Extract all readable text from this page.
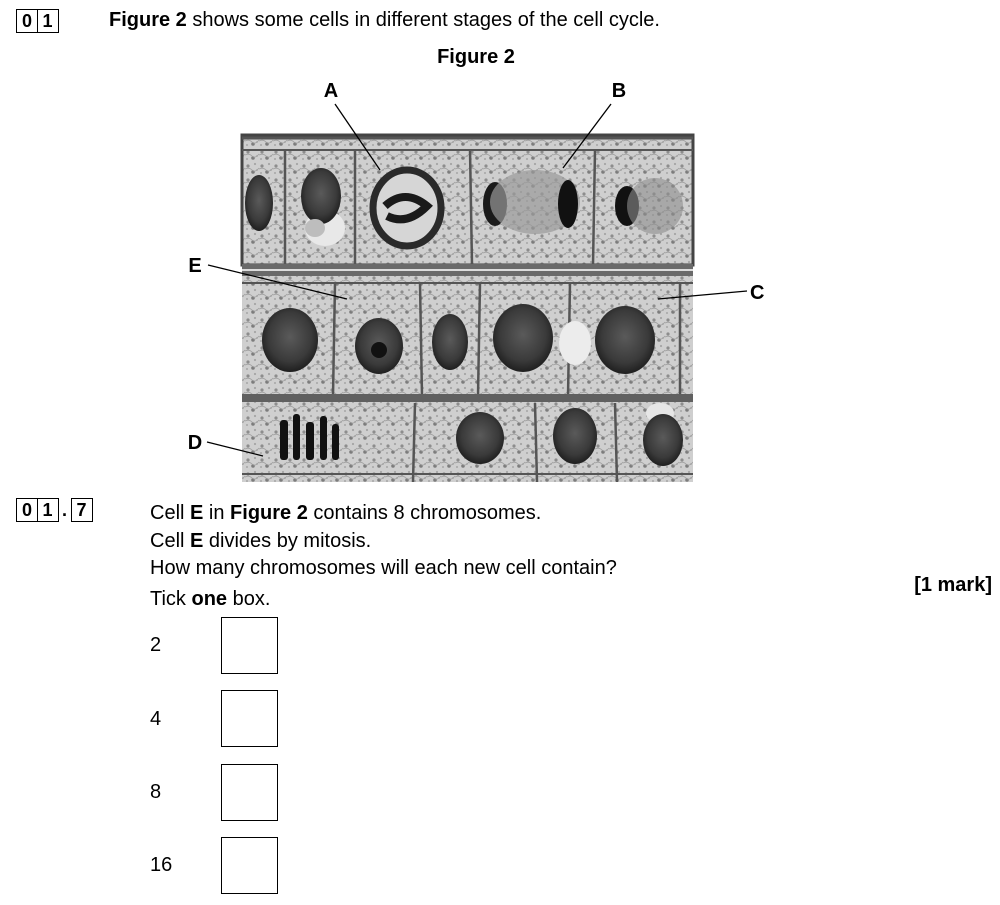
0 1	Figure 2 shows some cells in different stages of the cell cycle.
Figure 2
A	B
C
D
E
0 1 . 7	Cell E in Figure 2 contains 8 chromosomes.
Cell E divides by mitosis.
How many chromosomes will each new cell contain?
Tick one box.
[1 mark]
2
4
8
16
